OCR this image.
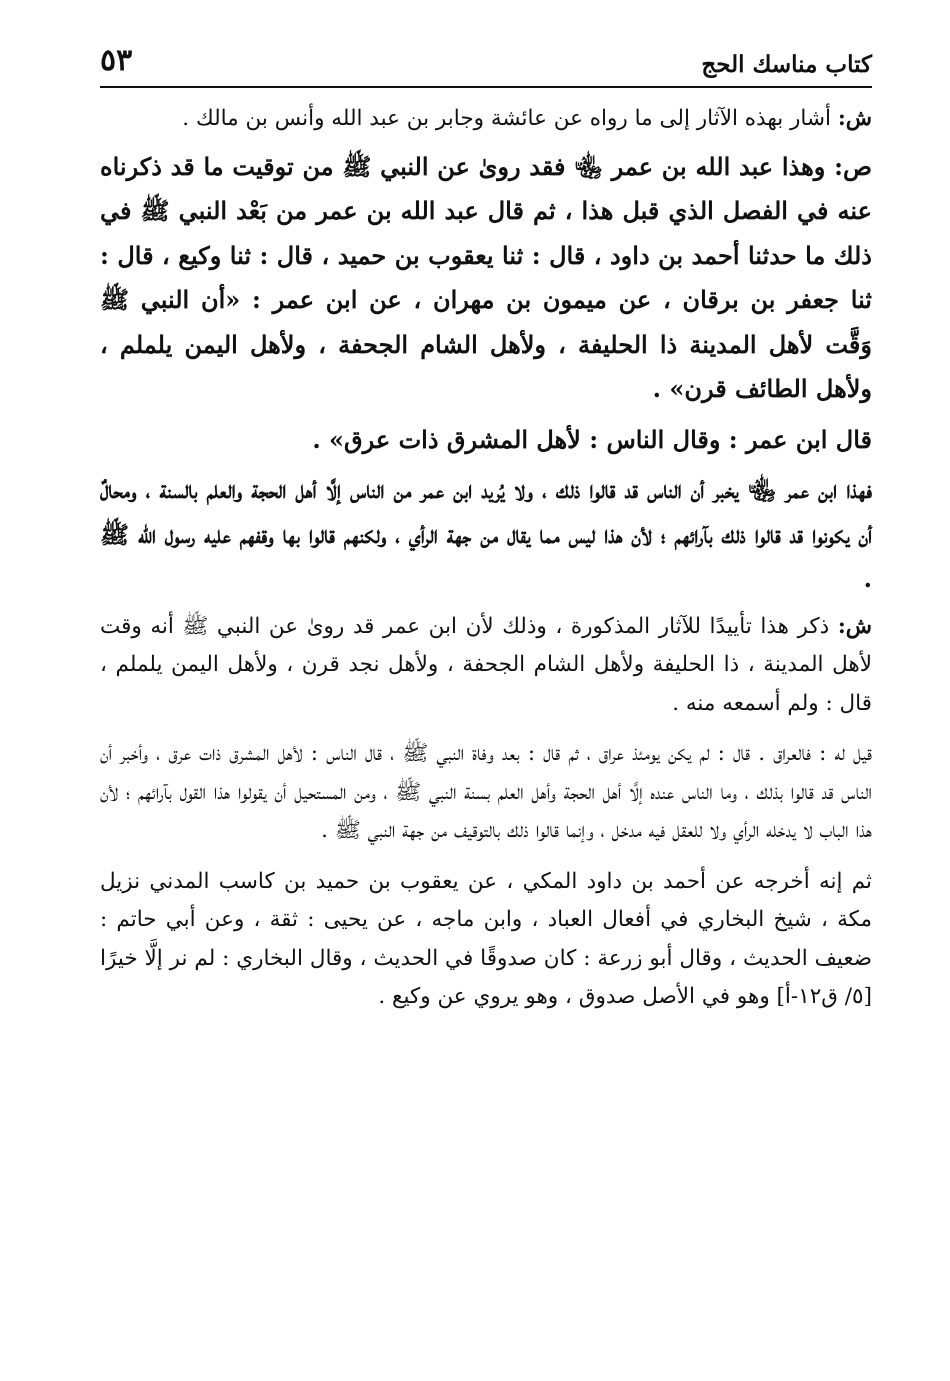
كتاب مناسك الحج
٥٣

ش: أشار بهذه الآثار إلى ما رواه عن عائشة وجابر بن عبد الله وأنس بن مالك .

ص: وهذا عبد الله بن عمر ﵄ فقد روىٰ عن النبي ﷺ من توقيت ما قد ذكرناه عنه في الفصل الذي قبل هذا ، ثم قال عبد الله بن عمر من بَعْد النبي ﷺ في ذلك ما حدثنا أحمد بن داود ، قال : ثنا يعقوب بن حميد ، قال : ثنا وكيع ، قال : ثنا جعفر بن برقان ، عن ميمون بن مهران ، عن ابن عمر : «أن النبي ﷺ وَقَّت لأهل المدينة ذا الحليفة ، ولأهل الشام الجحفة ، ولأهل اليمن يلملم ، ولأهل الطائف قرن» .

قال ابن عمر : وقال الناس : لأهل المشرق ذات عرق» .

فهذا ابن عمر ﵄ يخبر أن الناس قد قالوا ذلك ، ولا يُريد ابن عمر من الناس إلَّا أهل الحجة والعلم بالسنة ، ومحالٌ أن يكونوا قد قالوا ذلك بآرائهم ؛ لأن هذا ليس مما يقال من جهة الرأي ، ولكنهم قالوا بها وقفهم عليه رسول الله ﷺ .

ش: ذكر هذا تأييدًا للآثار المذكورة ، وذلك لأن ابن عمر قد روىٰ عن النبي ﷺ أنه وقت لأهل المدينة ، ذا الحليفة ولأهل الشام الجحفة ، ولأهل نجد قرن ، ولأهل اليمن يلملم ، قال : ولم أسمعه منه .

قيل له : فالعراق . قال : لم يكن يومئذ عراق ، ثم قال : بعد وفاة النبي ﷺ ، قال الناس : لأهل المشرق ذات عرق ، وأخبر أن الناس قد قالوا بذلك ، وما الناس عنده إلَّا أهل الحجة وأهل العلم بسنة النبي ﷺ ، ومن المستحيل أن يقولوا هذا القول بآرائهم ؛ لأن هذا الباب لا يدخله الرأي ولا للعقل فيه مدخل ، وإنما قالوا ذلك بالتوقيف من جهة النبي ﷺ .

ثم إنه أخرجه عن أحمد بن داود المكي ، عن يعقوب بن حميد بن كاسب المدني نزيل مكة ، شيخ البخاري في أفعال العباد ، وابن ماجه ، عن يحيى : ثقة ، وعن أبي حاتم : ضعيف الحديث ، وقال أبو زرعة : كان صدوقًا في الحديث ، وقال البخاري : لم نر إلَّا خيرًا [٥/ ق١٢-أ] وهو في الأصل صدوق ، وهو يروي عن وكيع .
